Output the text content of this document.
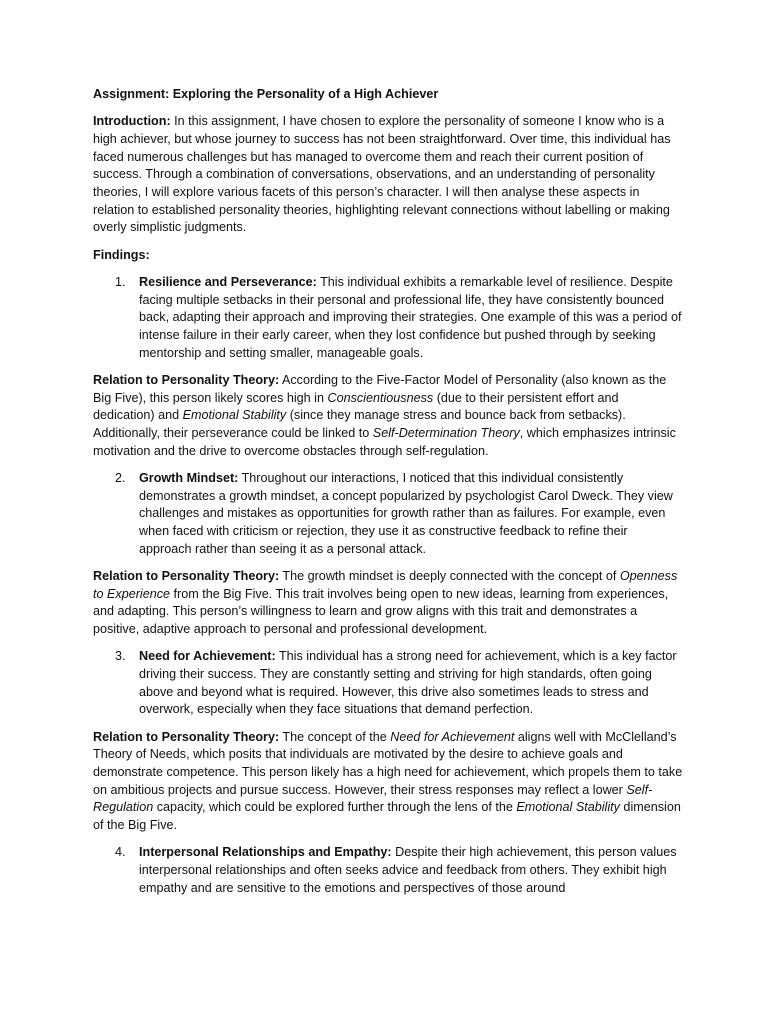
Assignment: Exploring the Personality of a High Achiever

Introduction: In this assignment, I have chosen to explore the personality of someone I know who is a high achiever, but whose journey to success has not been straightforward. Over time, this individual has faced numerous challenges but has managed to overcome them and reach their current position of success. Through a combination of conversations, observations, and an understanding of personality theories, I will explore various facets of this person’s character. I will then analyse these aspects in relation to established personality theories, highlighting relevant connections without labelling or making overly simplistic judgments.

Findings:

1.	Resilience and Perseverance: This individual exhibits a remarkable level of resilience. Despite facing multiple setbacks in their personal and professional life, they have consistently bounced back, adapting their approach and improving their strategies. One example of this was a period of intense failure in their early career, when they lost confidence but pushed through by seeking mentorship and setting smaller, manageable goals.

Relation to Personality Theory: According to the Five-Factor Model of Personality (also known as the Big Five), this person likely scores high in Conscientiousness (due to their persistent effort and dedication) and Emotional Stability (since they manage stress and bounce back from setbacks). Additionally, their perseverance could be linked to Self-Determination Theory, which emphasizes intrinsic motivation and the drive to overcome obstacles through self-regulation.

2.	Growth Mindset: Throughout our interactions, I noticed that this individual consistently demonstrates a growth mindset, a concept popularized by psychologist Carol Dweck. They view challenges and mistakes as opportunities for growth rather than as failures. For example, even when faced with criticism or rejection, they use it as constructive feedback to refine their approach rather than seeing it as a personal attack.

Relation to Personality Theory: The growth mindset is deeply connected with the concept of Openness to Experience from the Big Five. This trait involves being open to new ideas, learning from experiences, and adapting. This person’s willingness to learn and grow aligns with this trait and demonstrates a positive, adaptive approach to personal and professional development.

3.	Need for Achievement: This individual has a strong need for achievement, which is a key factor driving their success. They are constantly setting and striving for high standards, often going above and beyond what is required. However, this drive also sometimes leads to stress and overwork, especially when they face situations that demand perfection.

Relation to Personality Theory: The concept of the Need for Achievement aligns well with McClelland’s Theory of Needs, which posits that individuals are motivated by the desire to achieve goals and demonstrate competence. This person likely has a high need for achievement, which propels them to take on ambitious projects and pursue success. However, their stress responses may reflect a lower Self-Regulation capacity, which could be explored further through the lens of the Emotional Stability dimension of the Big Five.

4.	Interpersonal Relationships and Empathy: Despite their high achievement, this person values interpersonal relationships and often seeks advice and feedback from others. They exhibit high empathy and are sensitive to the emotions and perspectives of those around
